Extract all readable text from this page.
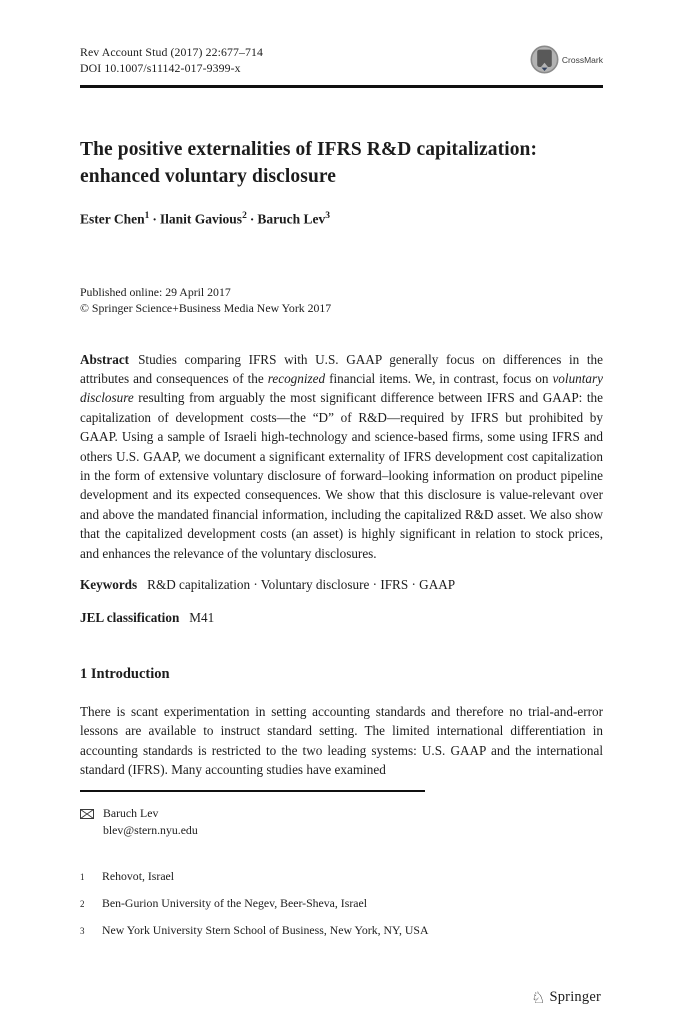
Rev Account Stud (2017) 22:677–714
DOI 10.1007/s11142-017-9399-x
CrossMark
The positive externalities of IFRS R&D capitalization:
enhanced voluntary disclosure
Ester Chen$^1$ · Ilanit Gavious$^2$ · Baruch Lev$^3$
Published online: 29 April 2017
© Springer Science+Business Media New York 2017

Abstract Studies comparing IFRS with U.S. GAAP generally focus on differences in the attributes and consequences of the recognized financial items. We, in contrast, focus on voluntary disclosure resulting from arguably the most significant difference between IFRS and GAAP: the capitalization of development costs—the “D” of R&D—required by IFRS but prohibited by GAAP. Using a sample of Israeli high-technology and science-based firms, some using IFRS and others U.S. GAAP, we document a significant externality of IFRS development cost capitalization in the form of extensive voluntary disclosure of forward–looking information on product pipeline development and its expected consequences. We show that this disclosure is value-relevant over and above the mandated financial information, including the capitalized R&D asset. We also show that the capitalized development costs (an asset) is highly significant in relation to stock prices, and enhances the relevance of the voluntary disclosures.

Keywords R&D capitalization · Voluntary disclosure · IFRS · GAAP
JEL classification M41
1 Introduction

There is scant experimentation in setting accounting standards and therefore no trial-and-error lessons are available to instruct standard setting. The limited international differentiation in accounting standards is restricted to the two leading systems: U.S. GAAP and the international standard (IFRS). Many accounting studies have examined

Baruch Lev
blev@stern.nyu.edu
1	Rehovot, Israel
2	Ben-Gurion University of the Negev, Beer-Sheva, Israel
3	New York University Stern School of Business, New York, NY, USA
♘ Springer
